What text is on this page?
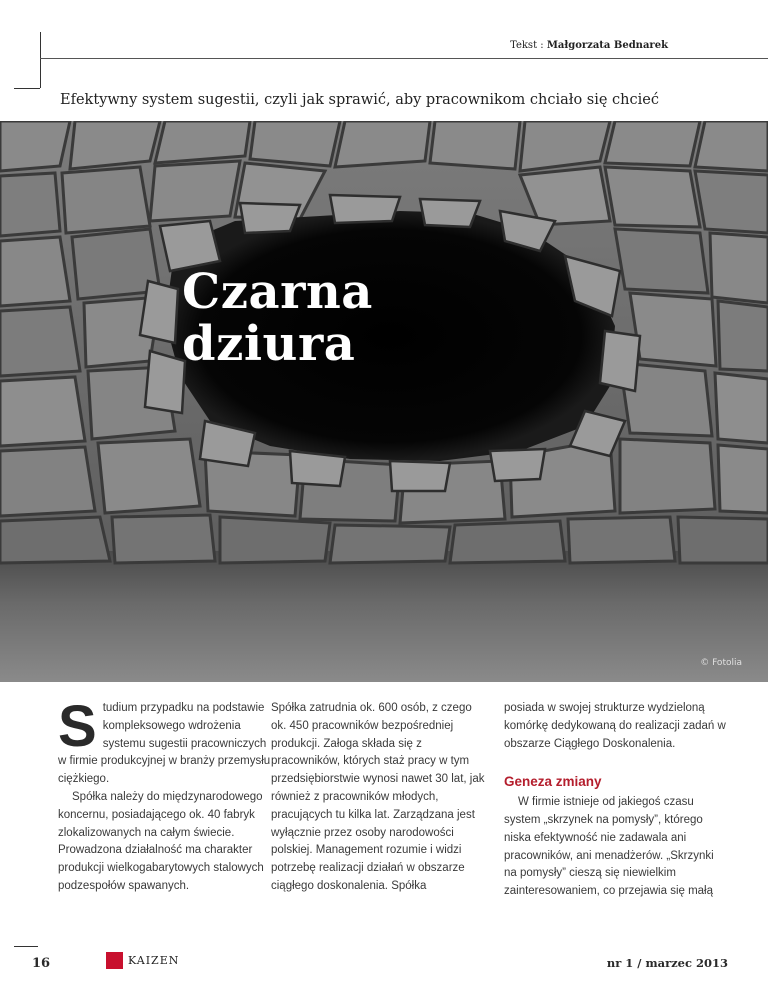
Tekst : Małgorzata Bednarek
Efektywny system sugestii, czyli jak sprawić, aby pracownikom chciało się chcieć
Czarna
dziura
© Fotolia
S tudium przypadku na podstawie kompleksowego wdrożenia systemu sugestii pracowniczych w firmie produkcyjnej w branży przemysłu ciężkiego.

Spółka należy do międzynarodowego koncernu, posiadającego ok. 40 fabryk zlokalizowanych na całym świecie. Prowadzona działalność ma charakter produkcji wielkogabarytowych stalowych podzespołów spawanych.

Spółka zatrudnia ok. 600 osób, z czego ok. 450 pracowników bezpośredniej produkcji. Załoga składa się z pracowników, których staż pracy w tym przedsiębiorstwie wynosi nawet 30 lat, jak również z pracowników młodych, pracujących tu kilka lat. Zarządzana jest wyłącznie przez osoby narodowości polskiej. Management rozumie i widzi potrzebę realizacji działań w obszarze ciągłego doskonalenia. Spółka

posiada w swojej strukturze wydzieloną komórkę dedykowaną do realizacji zadań w obszarze Ciągłego Doskonalenia.

Geneza zmiany

W firmie istnieje od jakiegoś czasu system „skrzynek na pomysły”, którego niska efektywność nie zadawala ani pracowników, ani menadżerów. „Skrzynki na pomysły” cieszą się niewielkim zainteresowaniem, co przejawia się małą

16	KAIZEN	nr 1 / marzec 2013
